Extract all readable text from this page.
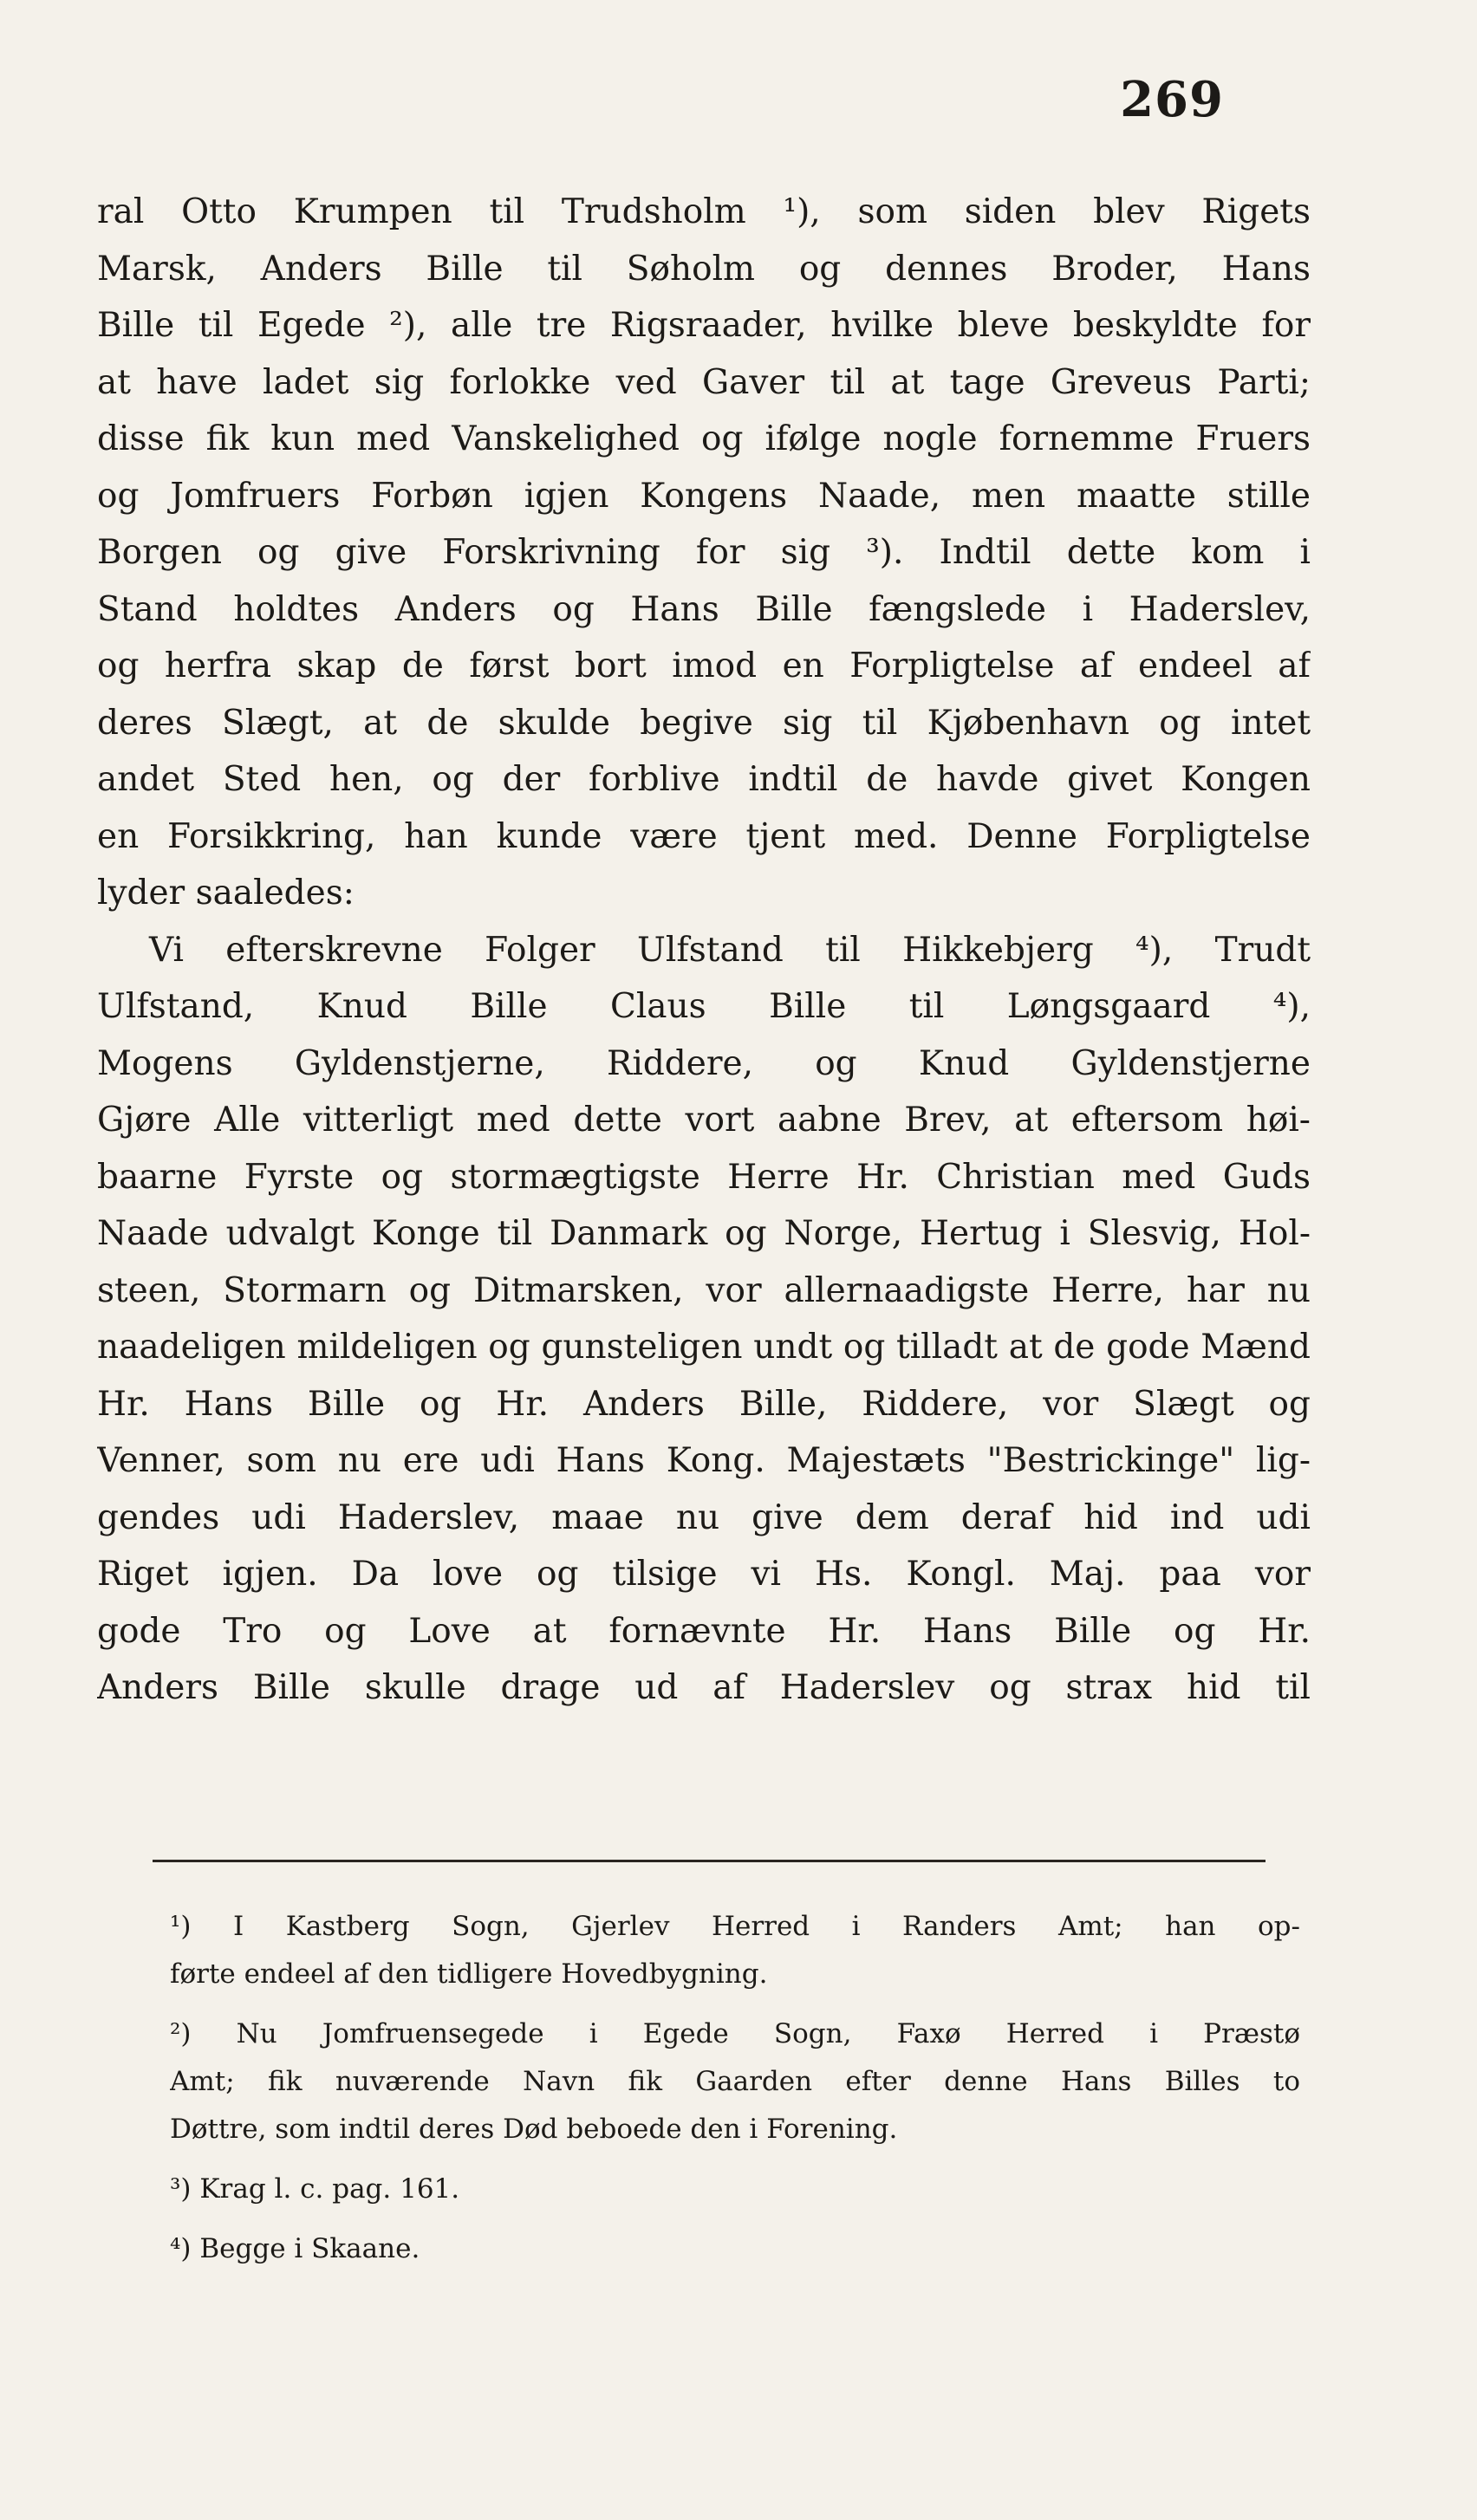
269
ral Otto Krumpen til Trudsholm ¹), som siden blev Rigets
Marsk, Anders Bille til Søholm og dennes Broder, Hans
Bille til Egede ²), alle tre Rigsraader, hvilke bleve beskyldte for
at have ladet sig forlokke ved Gaver til at tage Greveus Parti;
disse fik kun med Vanskelighed og ifølge nogle fornemme Fruers
og Jomfruers Forbøn igjen Kongens Naade, men maatte stille
Borgen og give Forskrivning for sig ³). Indtil dette kom i
Stand holdtes Anders og Hans Bille fængslede i Haderslev,
og herfra skap de først bort imod en Forpligtelse af endeel af
deres Slægt, at de skulde begive sig til Kjøbenhavn og intet
andet Sted hen, og der forblive indtil de havde givet Kongen
en Forsikkring, han kunde være tjent med. Denne Forpligtelse
lyder saaledes:
Vi efterskrevne Folger Ulfstand til Hikkebjerg ⁴), Trudt
Ulfstand, Knud Bille Claus Bille til Løngsgaard ⁴),
Mogens Gyldenstjerne, Riddere, og Knud Gyldenstjerne
Gjøre Alle vitterligt med dette vort aabne Brev, at eftersom høi-
baarne Fyrste og stormægtigste Herre Hr. Christian med Guds
Naade udvalgt Konge til Danmark og Norge, Hertug i Slesvig, Hol-
steen, Stormarn og Ditmarsken, vor allernaadigste Herre, har nu
naadeligen mildeligen og gunsteligen undt og tilladt at de gode Mænd
Hr. Hans Bille og Hr. Anders Bille, Riddere, vor Slægt og
Venner, som nu ere udi Hans Kong. Majestæts "Bestrickinge" lig-
gendes udi Haderslev, maae nu give dem deraf hid ind udi
Riget igjen. Da love og tilsige vi Hs. Kongl. Maj. paa vor
gode Tro og Love at fornævnte Hr. Hans Bille og Hr.
Anders Bille skulle drage ud af Haderslev og strax hid til
¹) I Kastberg Sogn, Gjerlev Herred i Randers Amt; han op-
førte endeel af den tidligere Hovedbygning.
²) Nu Jomfruensegede i Egede Sogn, Faxø Herred i Præstø
Amt; fik nuværende Navn fik Gaarden efter denne Hans Billes to
Døttre, som indtil deres Død beboede den i Forening.
³) Krag l. c. pag. 161.
⁴) Begge i Skaane.
